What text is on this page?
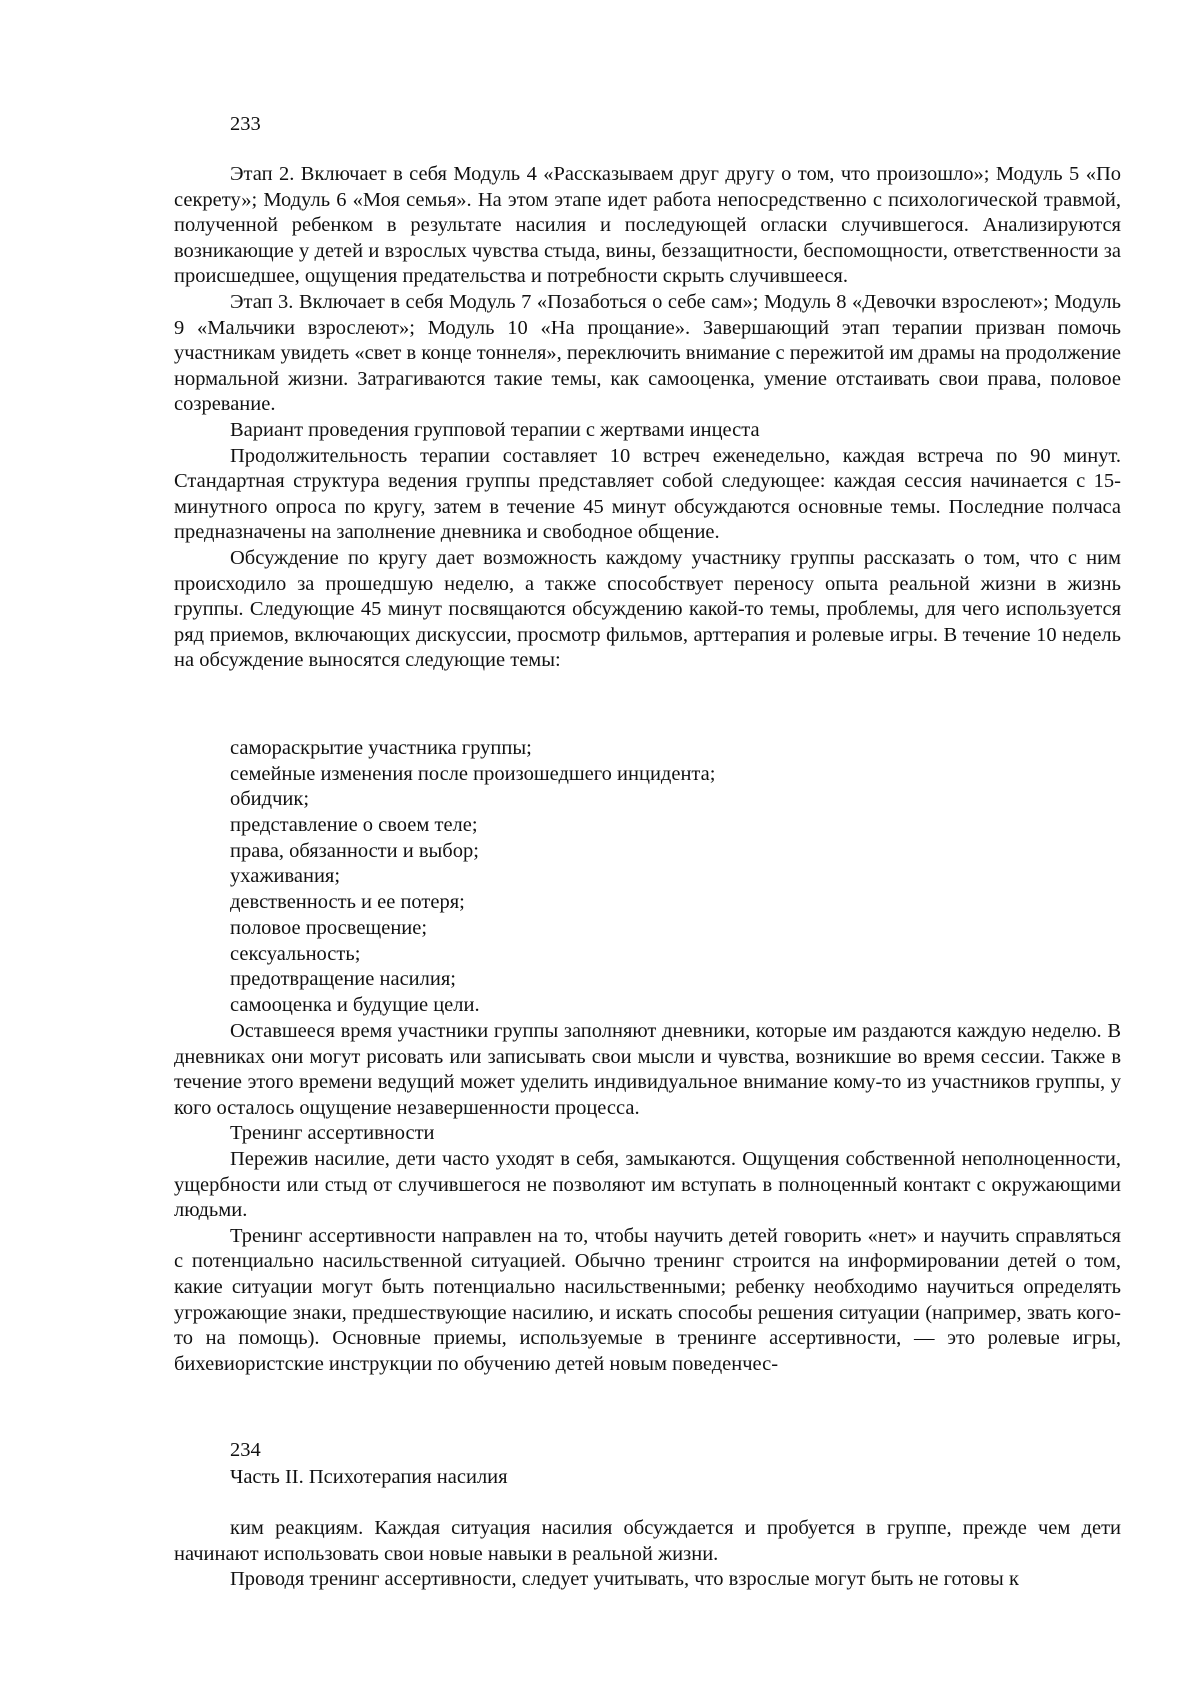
233

Этап 2. Включает в себя Модуль 4 «Рассказываем друг другу о том, что произошло»; Модуль 5 «По секрету»; Модуль 6 «Моя семья». На этом этапе идет работа непосредственно с психологической травмой, полученной ребенком в результате насилия и последующей огласки случившегося. Анализируются возникающие у детей и взрослых чувства стыда, вины, беззащитности, беспомощности, ответственности за происшедшее, ощущения предательства и потребности скрыть случившееся.

Этап 3. Включает в себя Модуль 7 «Позаботься о себе сам»; Модуль 8 «Девочки взрослеют»; Модуль 9 «Мальчики взрослеют»; Модуль 10 «На прощание». Завершающий этап терапии призван помочь участникам увидеть «свет в конце тоннеля», переключить внимание с пережитой им драмы на продолжение нормальной жизни. Затрагиваются такие темы, как самооценка, умение отстаивать свои права, половое созревание.

Вариант проведения групповой терапии с жертвами инцеста

Продолжительность терапии составляет 10 встреч еженедельно, каждая встреча по 90 минут. Стандартная структура ведения группы представляет собой следующее: каждая сессия начинается с 15-минутного опроса по кругу, затем в течение 45 минут обсуждаются основные темы. Последние полчаса предназначены на заполнение дневника и свободное общение.

Обсуждение по кругу дает возможность каждому участнику группы рассказать о том, что с ним происходило за прошедшую неделю, а также способствует переносу опыта реальной жизни в жизнь группы. Следующие 45 минут посвящаются обсуждению какой-то темы, проблемы, для чего используется ряд приемов, включающих дискуссии, просмотр фильмов, арттерапия и ролевые игры. В течение 10 недель на обсуждение выносятся следующие темы:

самораскрытие участника группы;
семейные изменения после произошедшего инцидента;
обидчик;
представление о своем теле;
права, обязанности и выбор;
ухаживания;
девственность и ее потеря;
половое просвещение;
сексуальность;
предотвращение насилия;
самооценка и будущие цели.

Оставшееся время участники группы заполняют дневники, которые им раздаются каждую неделю. В дневниках они могут рисовать или записывать свои мысли и чувства, возникшие во время сессии. Также в течение этого времени ведущий может уделить индивидуальное внимание кому-то из участников группы, у кого осталось ощущение незавершенности процесса.

Тренинг ассертивности

Пережив насилие, дети часто уходят в себя, замыкаются. Ощущения собственной неполноценности, ущербности или стыд от случившегося не позволяют им вступать в полноценный контакт с окружающими людьми.

Тренинг ассертивности направлен на то, чтобы научить детей говорить «нет» и научить справляться с потенциально насильственной ситуацией. Обычно тренинг строится на информировании детей о том, какие ситуации могут быть потенциально насильственными; ребенку необходимо научиться определять угрожающие знаки, предшествующие насилию, и искать способы решения ситуации (например, звать кого-то на помощь). Основные приемы, используемые в тренинге ассертивности, — это ролевые игры, бихевиористские инструкции по обучению детей новым поведенчес-

234
Часть II. Психотерапия насилия

ким реакциям. Каждая ситуация насилия обсуждается и пробуется в группе, прежде чем дети начинают использовать свои новые навыки в реальной жизни.

Проводя тренинг ассертивности, следует учитывать, что взрослые могут быть не готовы к
